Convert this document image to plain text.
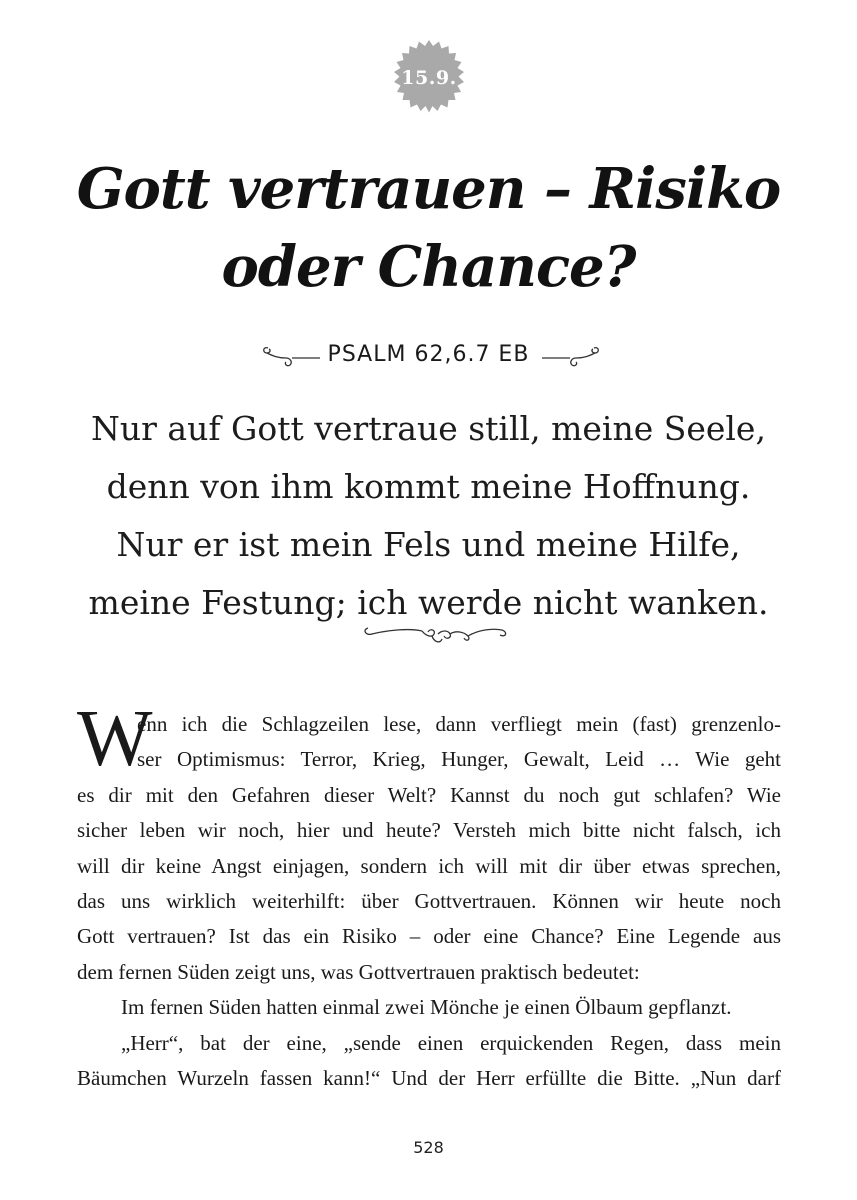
15.9.
Gott vertrauen – Risiko
oder Chance?
PSALM 62,6.7 EB
Nur auf Gott vertraue still, meine Seele,
denn von ihm kommt meine Hoffnung.
Nur er ist mein Fels und meine Hilfe,
meine Festung; ich werde nicht wanken.
W
enn ich die Schlagzeilen lese, dann verfliegt mein (fast) grenzenlo-
ser Optimismus: Terror, Krieg, Hunger, Gewalt, Leid … Wie geht
es dir mit den Gefahren dieser Welt? Kannst du noch gut schlafen? Wie
sicher leben wir noch, hier und heute? Versteh mich bitte nicht falsch, ich
will dir keine Angst einjagen, sondern ich will mit dir über etwas sprechen,
das uns wirklich weiterhilft: über Gottvertrauen. Können wir heute noch
Gott vertrauen? Ist das ein Risiko – oder eine Chance? Eine Legende aus
dem fernen Süden zeigt uns, was Gottvertrauen praktisch bedeutet:
Im fernen Süden hatten einmal zwei Mönche je einen Ölbaum gepflanzt.
„Herr“, bat der eine, „sende einen erquickenden Regen, dass mein
Bäumchen Wurzeln fassen kann!“ Und der Herr erfüllte die Bitte. „Nun darf
528
